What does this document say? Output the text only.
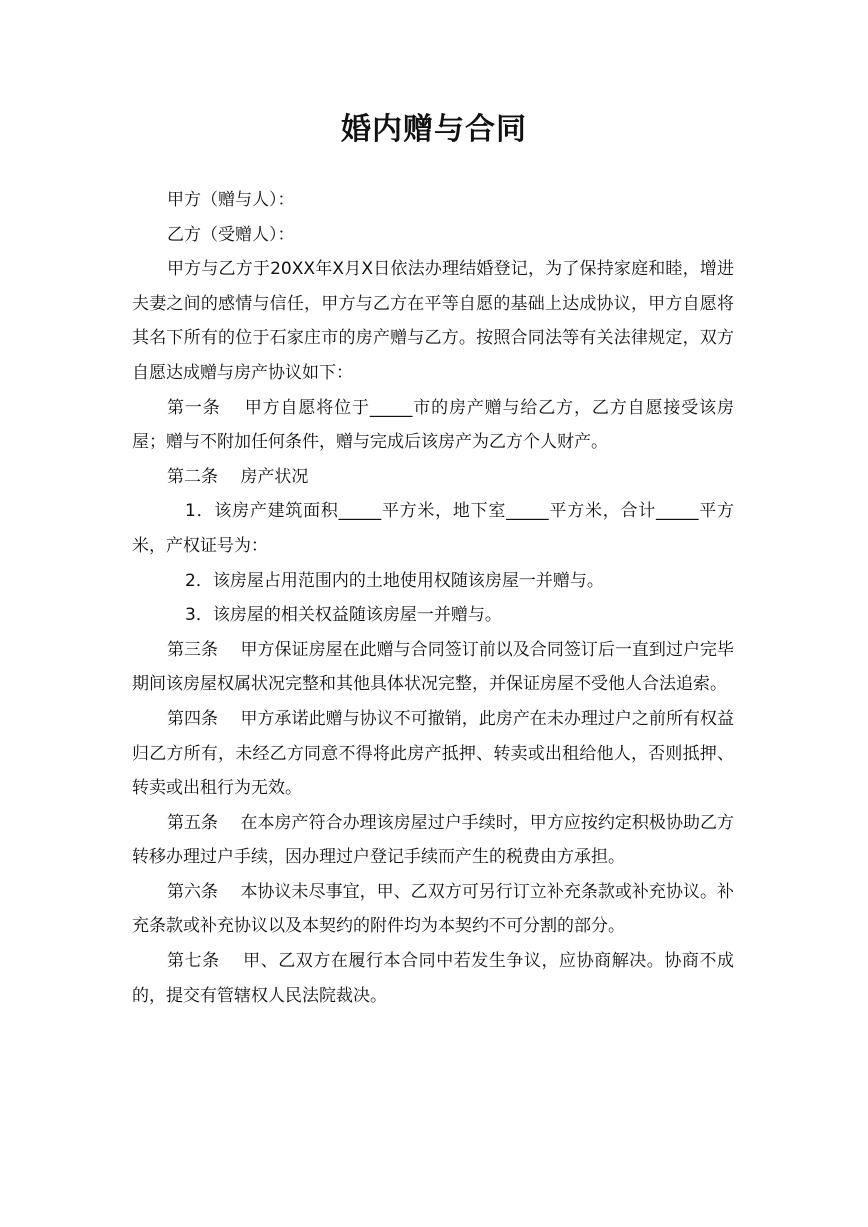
婚内赠与合同

甲方（赠与人）：

乙方（受赠人）：

甲方与乙方于20XX年X月X日依法办理结婚登记，为了保持家庭和睦，增进夫妻之间的感情与信任，甲方与乙方在平等自愿的基础上达成协议，甲方自愿将其名下所有的位于石家庄市的房产赠与乙方。按照合同法等有关法律规定，双方自愿达成赠与房产协议如下：

第一条　 甲方自愿将位于_____市的房产赠与给乙方，乙方自愿接受该房屋；赠与不附加任何条件，赠与完成后该房产为乙方个人财产。

第二条　 房产状况

1．该房产建筑面积_____平方米，地下室_____平方米，合计_____平方米，产权证号为：

2．该房屋占用范围内的土地使用权随该房屋一并赠与。

3．该房屋的相关权益随该房屋一并赠与。

第三条　 甲方保证房屋在此赠与合同签订前以及合同签订后一直到过户完毕期间该房屋权属状况完整和其他具体状况完整，并保证房屋不受他人合法追索。

第四条　 甲方承诺此赠与协议不可撤销，此房产在未办理过户之前所有权益归乙方所有，未经乙方同意不得将此房产抵押、转卖或出租给他人，否则抵押、转卖或出租行为无效。

第五条　 在本房产符合办理该房屋过户手续时，甲方应按约定积极协助乙方转移办理过户手续，因办理过户登记手续而产生的税费由方承担。

第六条　 本协议未尽事宜，甲、乙双方可另行订立补充条款或补充协议。补充条款或补充协议以及本契约的附件均为本契约不可分割的部分。

第七条　 甲、乙双方在履行本合同中若发生争议，应协商解决。协商不成的，提交有管辖权人民法院裁决。
